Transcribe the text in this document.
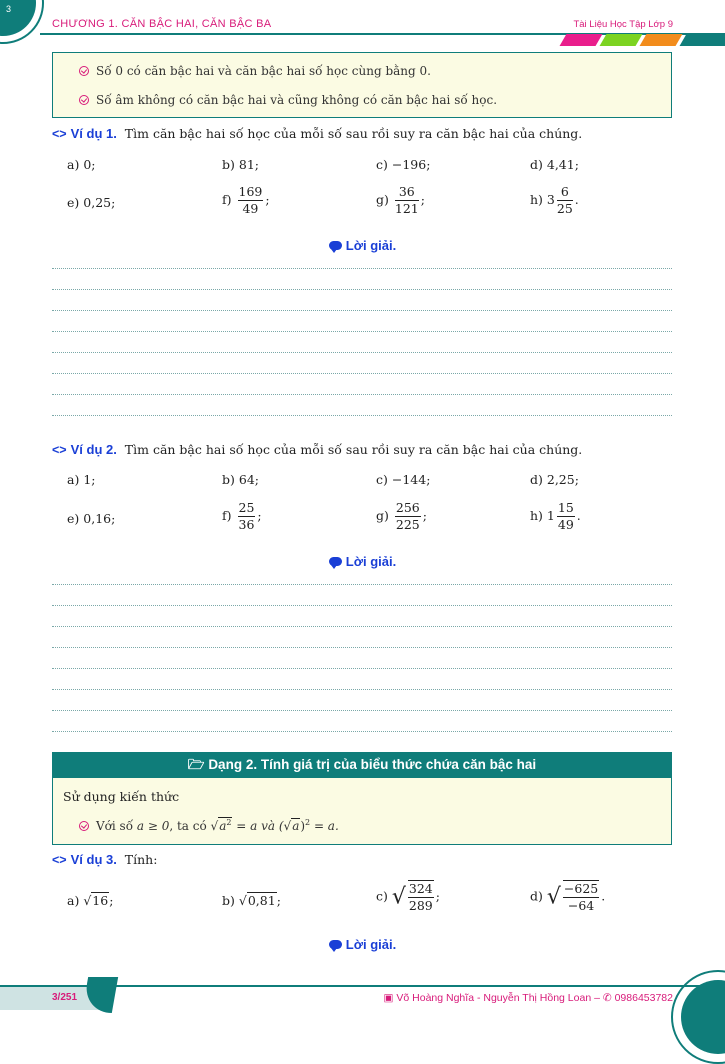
3
CHƯƠNG 1. CĂN BẬC HAI, CĂN BẬC BA	Tài Liệu Học Tập Lớp 9
Số 0 có căn bậc hai và căn bậc hai số học cùng bằng 0.
Số âm không có căn bậc hai và cũng không có căn bậc hai số học.
<> Ví dụ 1. Tìm căn bậc hai số học của mỗi số sau rồi suy ra căn bậc hai của chúng.
a) 0;	b) 81;	c) −196;	d) 4,41;
e) 0,25;	$f) \frac{169}{49}$ ;	$g) \frac{36}{121}$ ;	h) $3 \frac{6}{25}$ .
Lời giải.
<> Ví dụ 2. Tìm căn bậc hai số học của mỗi số sau rồi suy ra căn bậc hai của chúng.
a) 1;	b) 64;	c) −144;	d) 2,25;
e) 0,16;	$f) \frac{25}{36}$ ;	$g) \frac{256}{225}$ ;	h) $1 \frac{15}{49}$ .
Lời giải.
🗁 Dạng 2. Tính giá trị của biểu thức chứa căn bậc hai
Sử dụng kiến thức
Với số a ≥ 0, ta có $√a^2 = a$ và $(√a)^2 = a$.
<> Ví dụ 3. Tính:
a) √16;	b) √0,81;	c) √ $\frac{324}{289}$ ;	d) √ $\frac{-625}{-64}$ .
Lời giải.
3/251	▣ Võ Hoàng Nghĩa - Nguyễn Thị Hồng Loan – ✆ 0986453782
